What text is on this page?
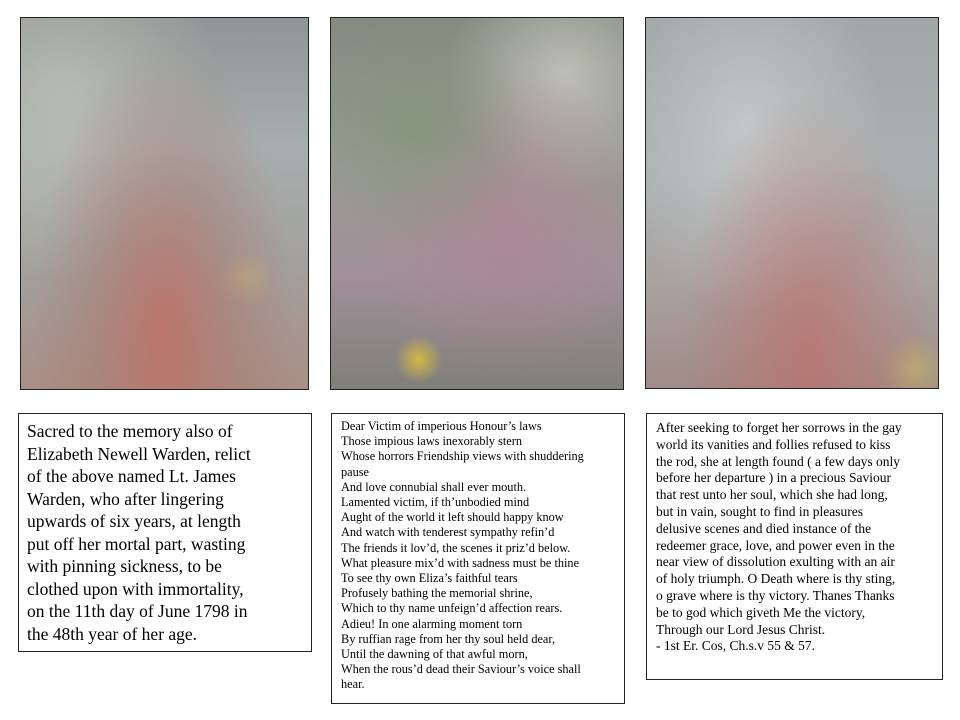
Sacred to the memory also of
Elizabeth Newell Warden, relict
of the above named Lt. James
Warden, who after lingering
upwards of six years, at length
put off her mortal part, wasting
with pinning sickness, to be
clothed upon with immortality,
on the 11th day of June 1798 in
the 48th year of her age.
Dear Victim of imperious Honour’s laws
Those impious laws inexorably stern
Whose horrors Friendship views with shuddering
pause
And love connubial shall ever mouth.
Lamented victim, if th’unbodied mind
Aught of the world it left should happy know
And watch with tenderest sympathy refin’d
The friends it lov’d, the scenes it priz’d below.
What pleasure mix’d with sadness must be thine
To see thy own Eliza’s faithful tears
Profusely bathing the memorial shrine,
Which to thy name unfeign’d affection rears.
Adieu! In one alarming moment torn
By ruffian rage from her thy soul held dear,
Until the dawning of that awful morn,
When the rous’d dead their Saviour’s voice shall
hear.
After seeking to forget her sorrows in the gay
world its vanities and follies refused to kiss
the rod, she at length found ( a few days only
before her departure ) in a precious Saviour
that rest unto her soul, which she had long,
but in vain, sought to find in pleasures
delusive scenes and died instance of the
redeemer grace, love, and power even in the
near view of dissolution exulting with an air
of holy triumph. O Death where is thy sting,
o grave where is thy victory. Thanes Thanks
be to god which giveth Me the victory,
Through our Lord Jesus Christ.
- 1st Er. Cos, Ch.s.v 55 & 57.
